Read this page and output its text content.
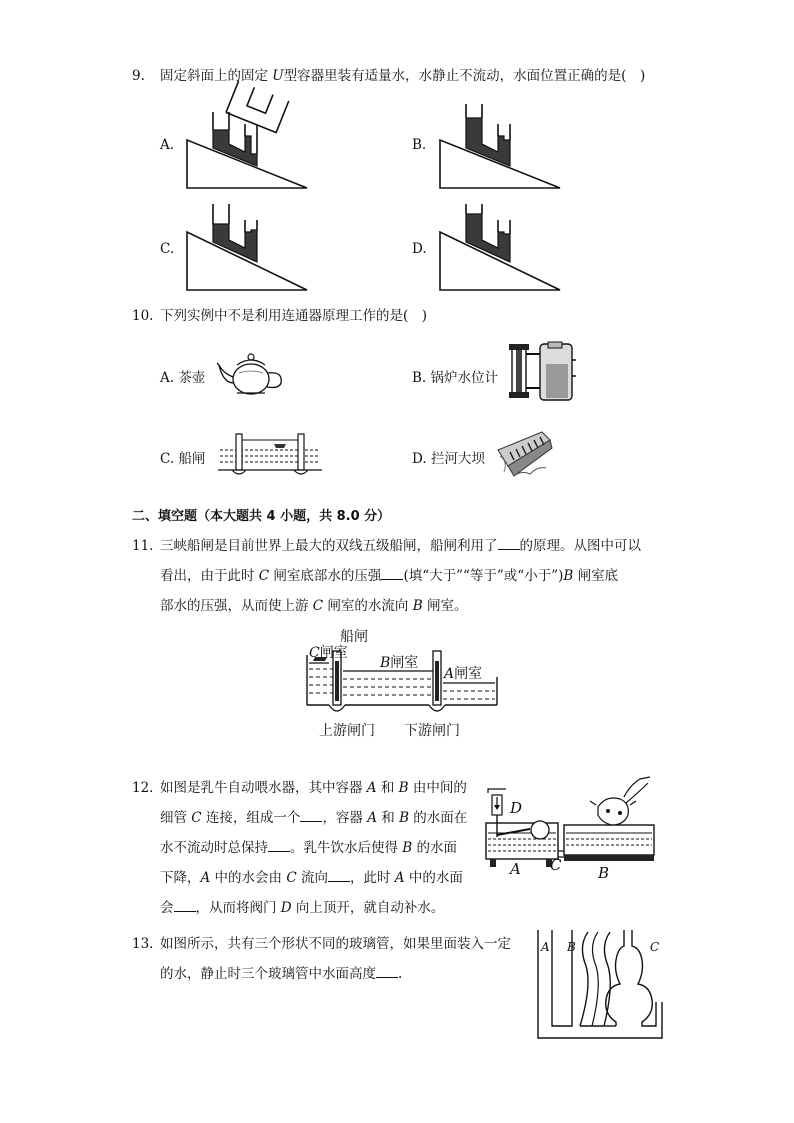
9. 固定斜面上的固定 U型容器里装有适量水，水静止不流动，水面位置正确的是(　)
A.	B.
C.	D.
10. 下列实例中不是利用连通器原理工作的是(　)
A. 茶壶	B. 锅炉水位计
C. 船闸	D. 拦河大坝
二、填空题（本大题共 4 小题，共 8.0 分）
11. 三峡船闸是目前世界上最大的双线五级船闸，船闸利用了 的原理。从图中可以
看出，由于此时 C 闸室底部水的压强 (填“大于”“等于”或“小于”)B 闸室底
部水的压强，从而使上游 C 闸室的水流向 B 闸室。
船闸
C闸室
B闸室
A闸室
上游闸门 下游闸门
12. 如图是乳牛自动喂水器，其中容器 A 和 B 由中间的
细管 C 连接，组成一个 ，容器 A 和 B 的水面在
水不流动时总保持 。乳牛饮水后使得 B 的水面
下降，A 中的水会由 C 流向 ，此时 A 中的水面
会 ，从而将阀门 D 向上顶开，就自动补水。
D
A C B
13. 如图所示，共有三个形状不同的玻璃管，如果里面装入一定
的水，静止时三个玻璃管中水面高度 .
A B	C
